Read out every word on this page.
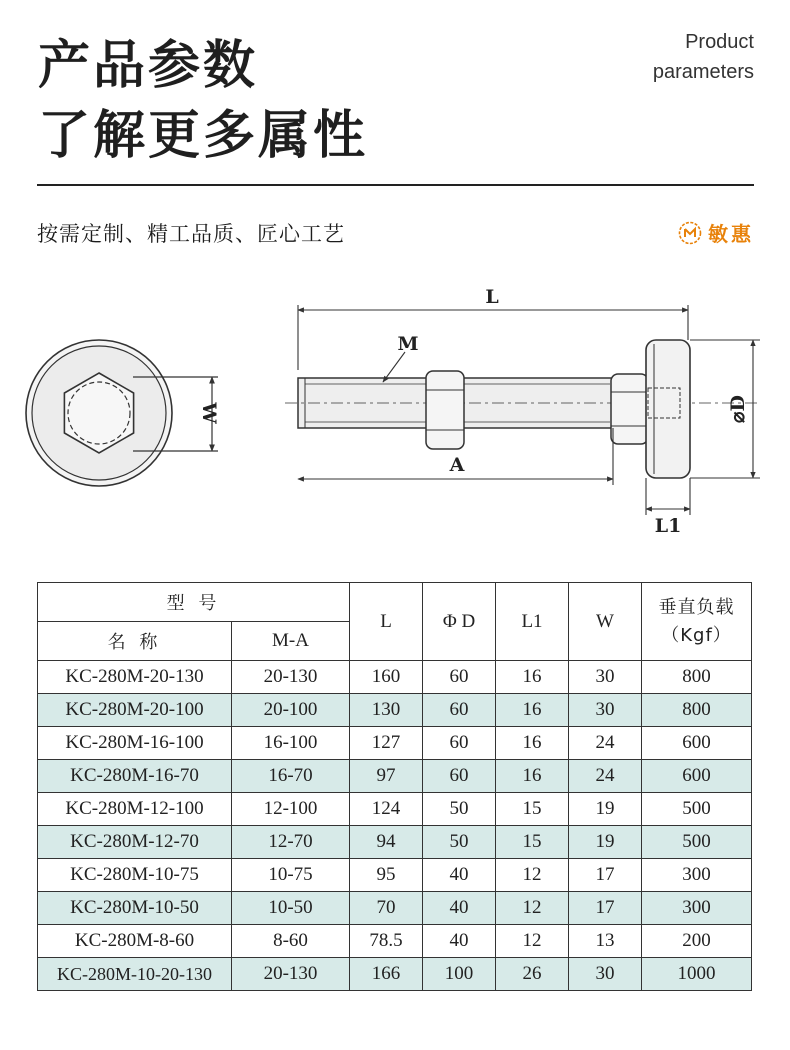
产品参数
了解更多属性
Product
parameters
按需定制、精工品质、匠心工艺	敏惠
W
L
M
A
⌀D
L1
型 号		L	Φ D	L1	W	垂直负载
（Kgf）

名 称	M-A					
KC-280M-20-130	20-130	160	60	16	30	800
KC-280M-20-100	20-100	130	60	16	30	800
KC-280M-16-100	16-100	127	60	16	24	600
KC-280M-16-70	16-70	97	60	16	24	600
KC-280M-12-100	12-100	124	50	15	19	500
KC-280M-12-70	12-70	94	50	15	19	500
KC-280M-10-75	10-75	95	40	12	17	300
KC-280M-10-50	10-50	70	40	12	17	300
KC-280M-8-60	8-60	78.5	40	12	13	200
KC-280M-10-20-130	20-130	166	100	26	30	1000
